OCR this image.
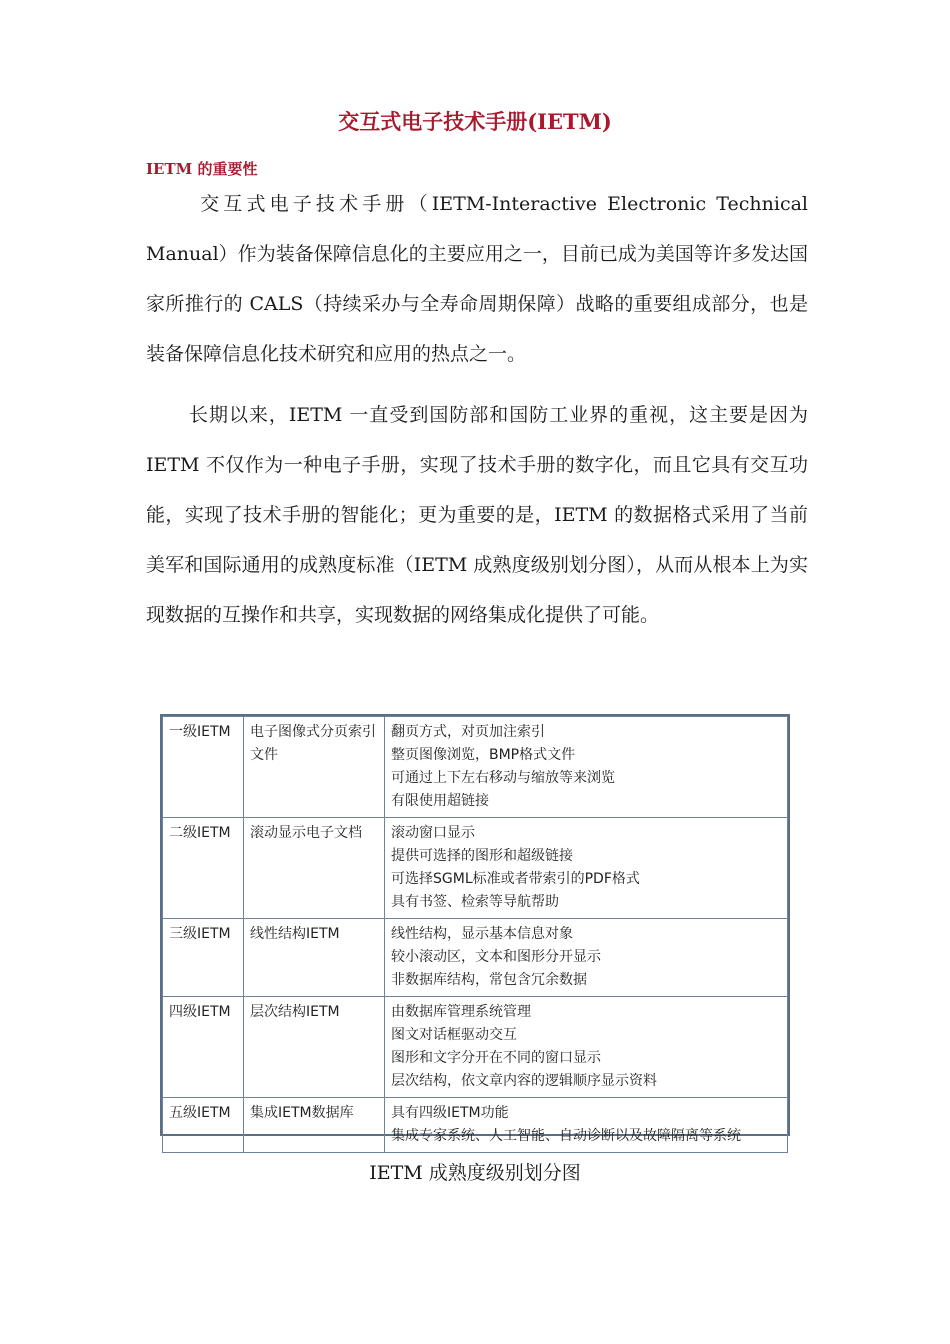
交互式电子技术手册(IETM)
IETM 的重要性

交互式电子技术手册（IETM-Interactive Electronic Technical Manual）作为装备保障信息化的主要应用之一，目前已成为美国等许多发达国家所推行的 CALS（持续采办与全寿命周期保障）战略的重要组成部分，也是装备保障信息化技术研究和应用的热点之一。

长期以来，IETM 一直受到国防部和国防工业界的重视，这主要是因为 IETM 不仅作为一种电子手册，实现了技术手册的数字化，而且它具有交互功能，实现了技术手册的智能化；更为重要的是，IETM 的数据格式采用了当前美军和国际通用的成熟度标准（IETM 成熟度级别划分图），从而从根本上为实现数据的互操作和共享，实现数据的网络集成化提供了可能。

一级IETM	电子图像式分页索引文件	翻页方式，对页加注索引
整页图像浏览，BMP格式文件
可通过上下左右移动与缩放等来浏览
有限使用超链接

二级IETM	滚动显示电子文档	滚动窗口显示
提供可选择的图形和超级链接
可选择SGML标准或者带索引的PDF格式
具有书签、检索等导航帮助

三级IETM	线性结构IETM	线性结构，显示基本信息对象
较小滚动区，文本和图形分开显示
非数据库结构，常包含冗余数据

四级IETM	层次结构IETM	由数据库管理系统管理
图文对话框驱动交互
图形和文字分开在不同的窗口显示
层次结构，依文章内容的逻辑顺序显示资料

五级IETM	集成IETM数据库	具有四级IETM功能
集成专家系统、人工智能、自动诊断以及故障隔离等系统
IETM 成熟度级别划分图
